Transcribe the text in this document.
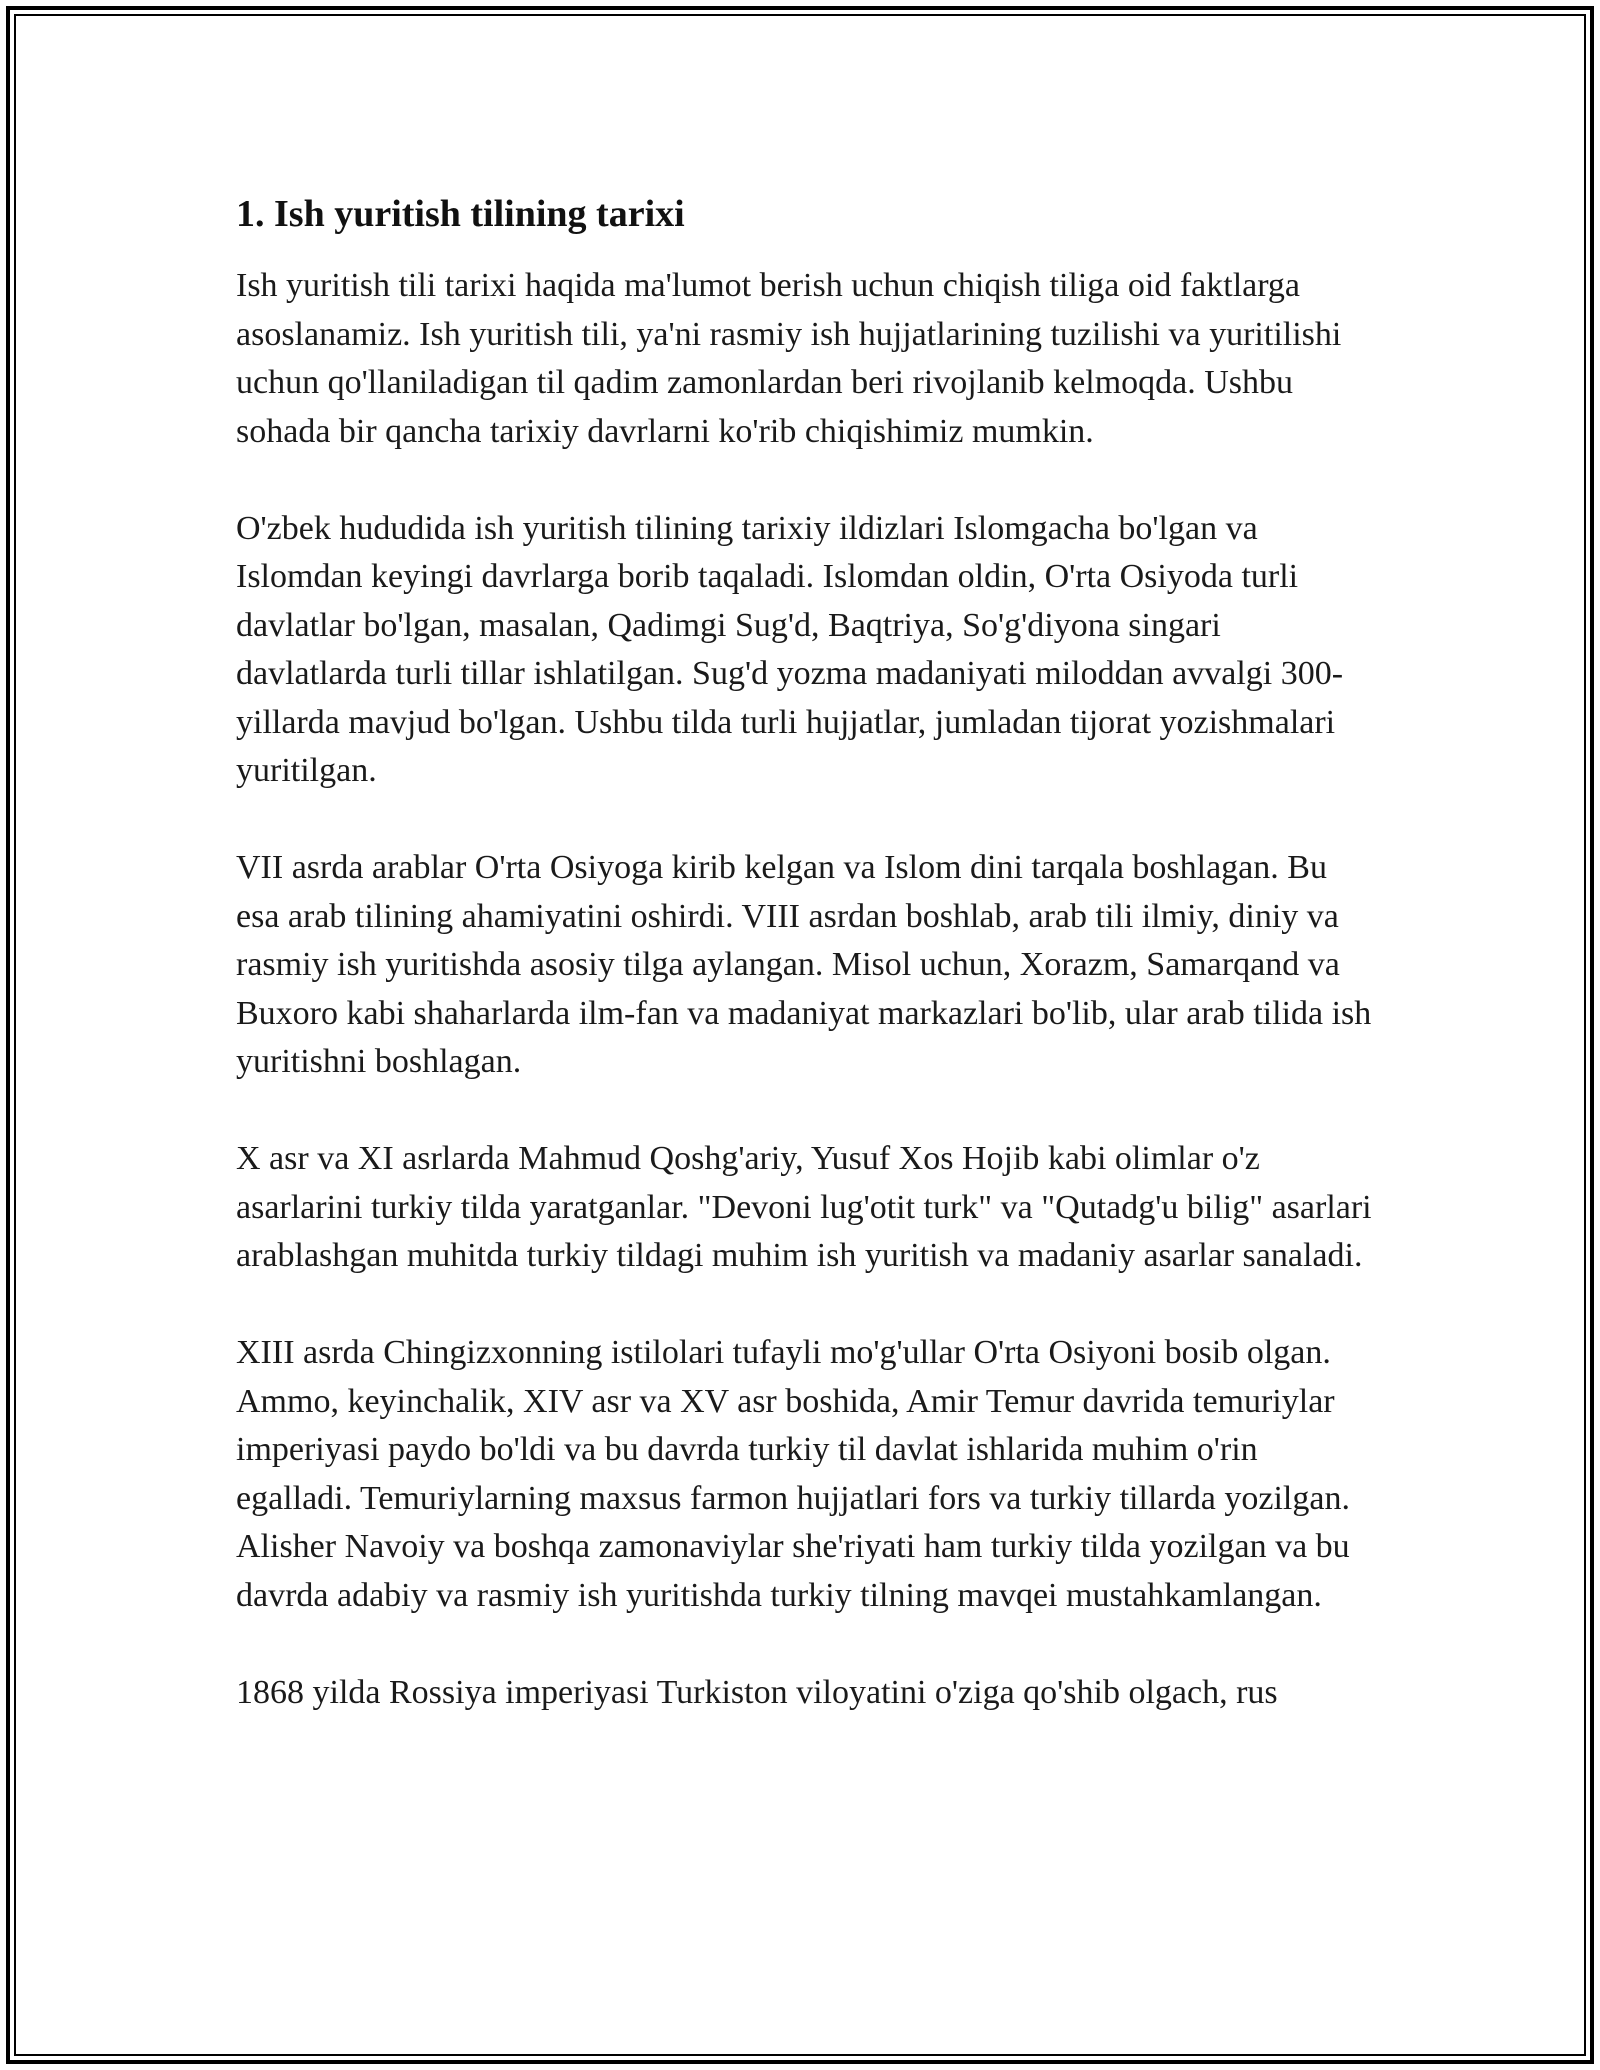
1. Ish yuritish tilining tarixi

Ish yuritish tili tarixi haqida ma'lumot berish uchun chiqish tiliga oid faktlarga asoslanamiz. Ish yuritish tili, ya'ni rasmiy ish hujjatlarining tuzilishi va yuritilishi uchun qo'llaniladigan til qadim zamonlardan beri rivojlanib kelmoqda. Ushbu sohada bir qancha tarixiy davrlarni ko'rib chiqishimiz mumkin.

O'zbek hududida ish yuritish tilining tarixiy ildizlari Islomgacha bo'lgan va Islomdan keyingi davrlarga borib taqaladi. Islomdan oldin, O'rta Osiyoda turli davlatlar bo'lgan, masalan, Qadimgi Sug'd, Baqtriya, So'g'diyona singari davlatlarda turli tillar ishlatilgan. Sug'd yozma madaniyati miloddan avvalgi 300-yillarda mavjud bo'lgan. Ushbu tilda turli hujjatlar, jumladan tijorat yozishmalari yuritilgan.

VII asrda arablar O'rta Osiyoga kirib kelgan va Islom dini tarqala boshlagan. Bu esa arab tilining ahamiyatini oshirdi. VIII asrdan boshlab, arab tili ilmiy, diniy va rasmiy ish yuritishda asosiy tilga aylangan. Misol uchun, Xorazm, Samarqand va Buxoro kabi shaharlarda ilm-fan va madaniyat markazlari bo'lib, ular arab tilida ish yuritishni boshlagan.

X asr va XI asrlarda Mahmud Qoshg'ariy, Yusuf Xos Hojib kabi olimlar o'z asarlarini turkiy tilda yaratganlar. "Devoni lug'otit turk" va "Qutadg'u bilig" asarlari arablashgan muhitda turkiy tildagi muhim ish yuritish va madaniy asarlar sanaladi.

XIII asrda Chingizxonning istilolari tufayli mo'g'ullar O'rta Osiyoni bosib olgan. Ammo, keyinchalik, XIV asr va XV asr boshida, Amir Temur davrida temuriylar imperiyasi paydo bo'ldi va bu davrda turkiy til davlat ishlarida muhim o'rin egalladi. Temuriylarning maxsus farmon hujjatlari fors va turkiy tillarda yozilgan. Alisher Navoiy va boshqa zamonaviylar she'riyati ham turkiy tilda yozilgan va bu davrda adabiy va rasmiy ish yuritishda turkiy tilning mavqei mustahkamlangan.

1868 yilda Rossiya imperiyasi Turkiston viloyatini o'ziga qo'shib olgach, rus
